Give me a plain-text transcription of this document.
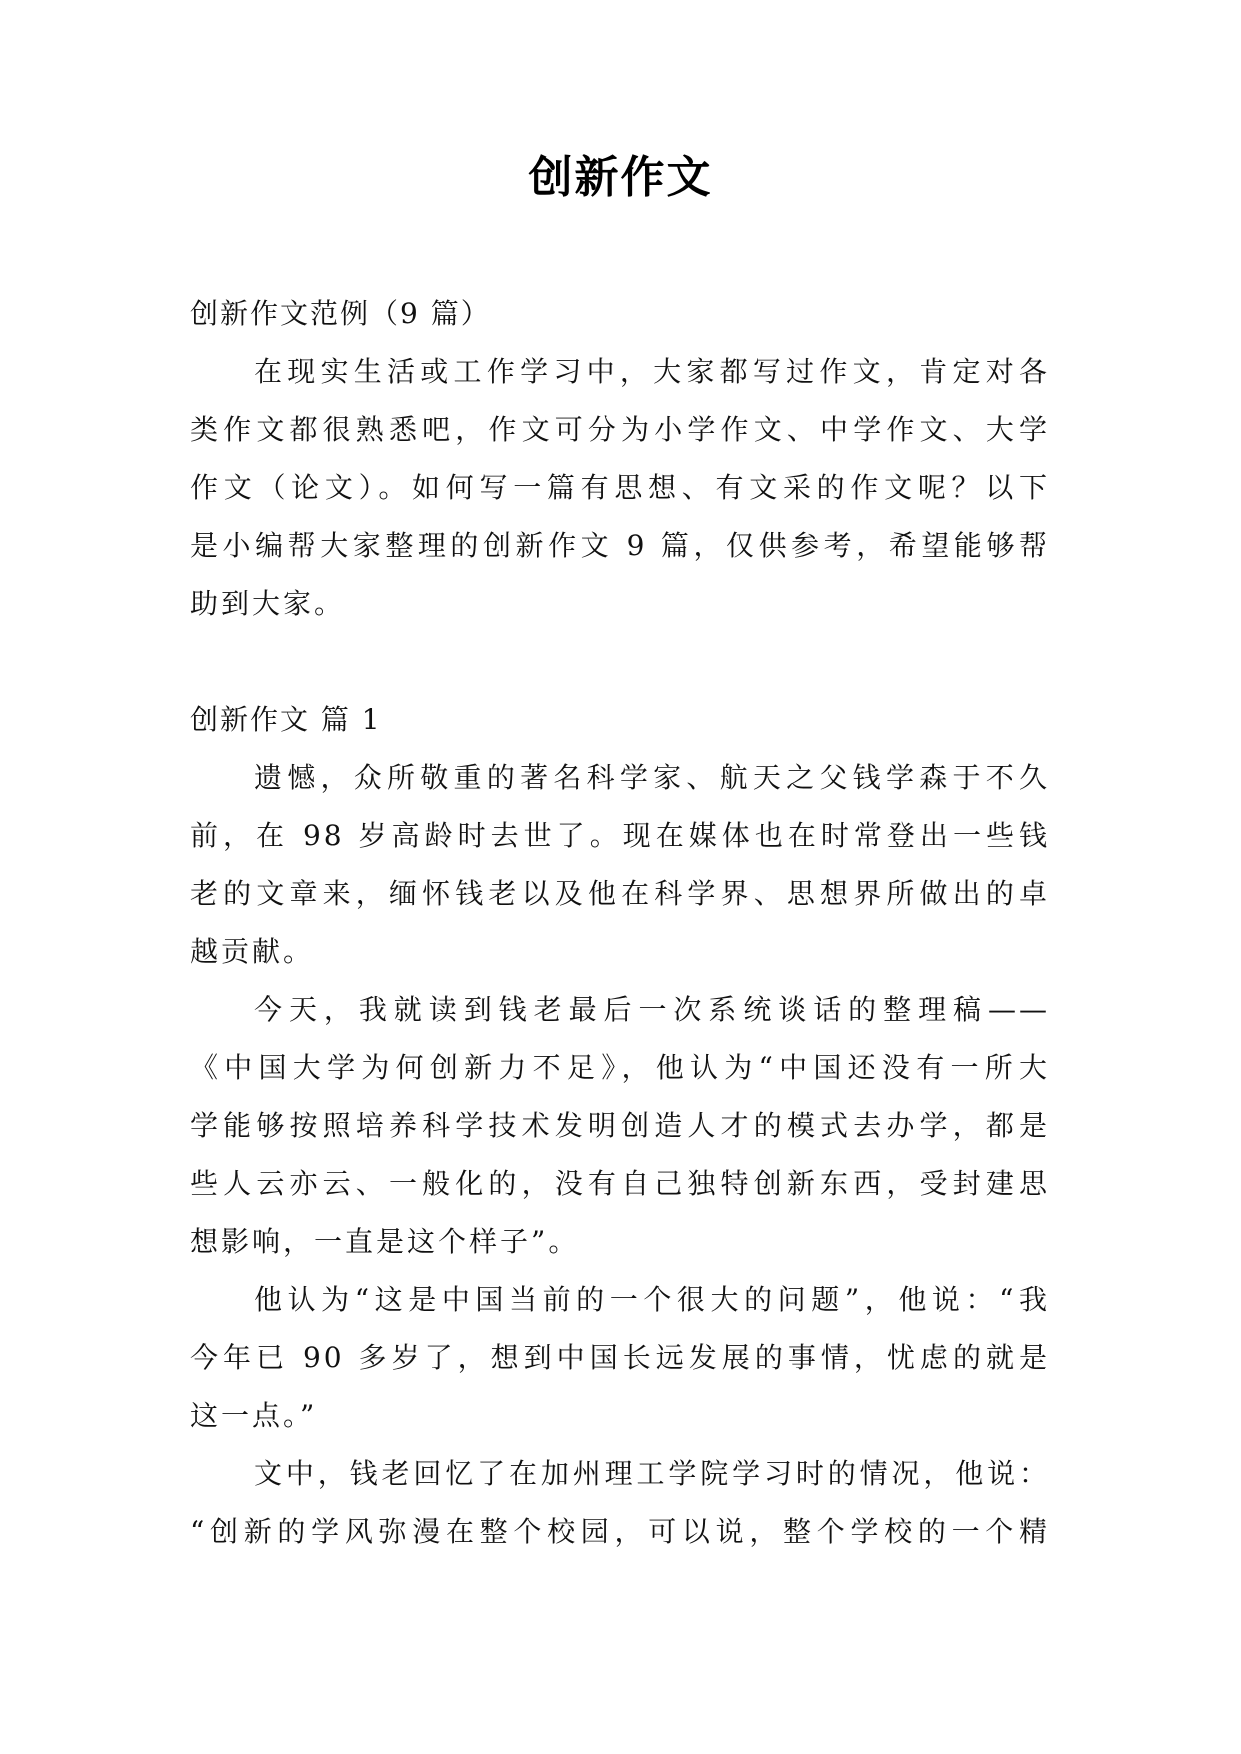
创新作文
创新作文范例（9 篇）
在现实生活或工作学习中，大家都写过作文，肯定对各
类作文都很熟悉吧，作文可分为小学作文、中学作文、大学
作文（论文）。如何写一篇有思想、有文采的作文呢？以下
是小编帮大家整理的创新作文 9 篇，仅供参考，希望能够帮
助到大家。
创新作文 篇 1
遗憾，众所敬重的著名科学家、航天之父钱学森于不久
前，在 98 岁高龄时去世了。现在媒体也在时常登出一些钱
老的文章来，缅怀钱老以及他在科学界、思想界所做出的卓
越贡献。
今天，我就读到钱老最后一次系统谈话的整理稿——
《中国大学为何创新力不足》，他认为“中国还没有一所大
学能够按照培养科学技术发明创造人才的模式去办学，都是
些人云亦云、一般化的，没有自己独特创新东西，受封建思
想影响，一直是这个样子”。
他认为“这是中国当前的一个很大的问题”，他说：“我
今年已 90 多岁了，想到中国长远发展的事情，忧虑的就是
这一点。”
文中，钱老回忆了在加州理工学院学习时的情况，他说：
“创新的学风弥漫在整个校园，可以说，整个学校的一个精
